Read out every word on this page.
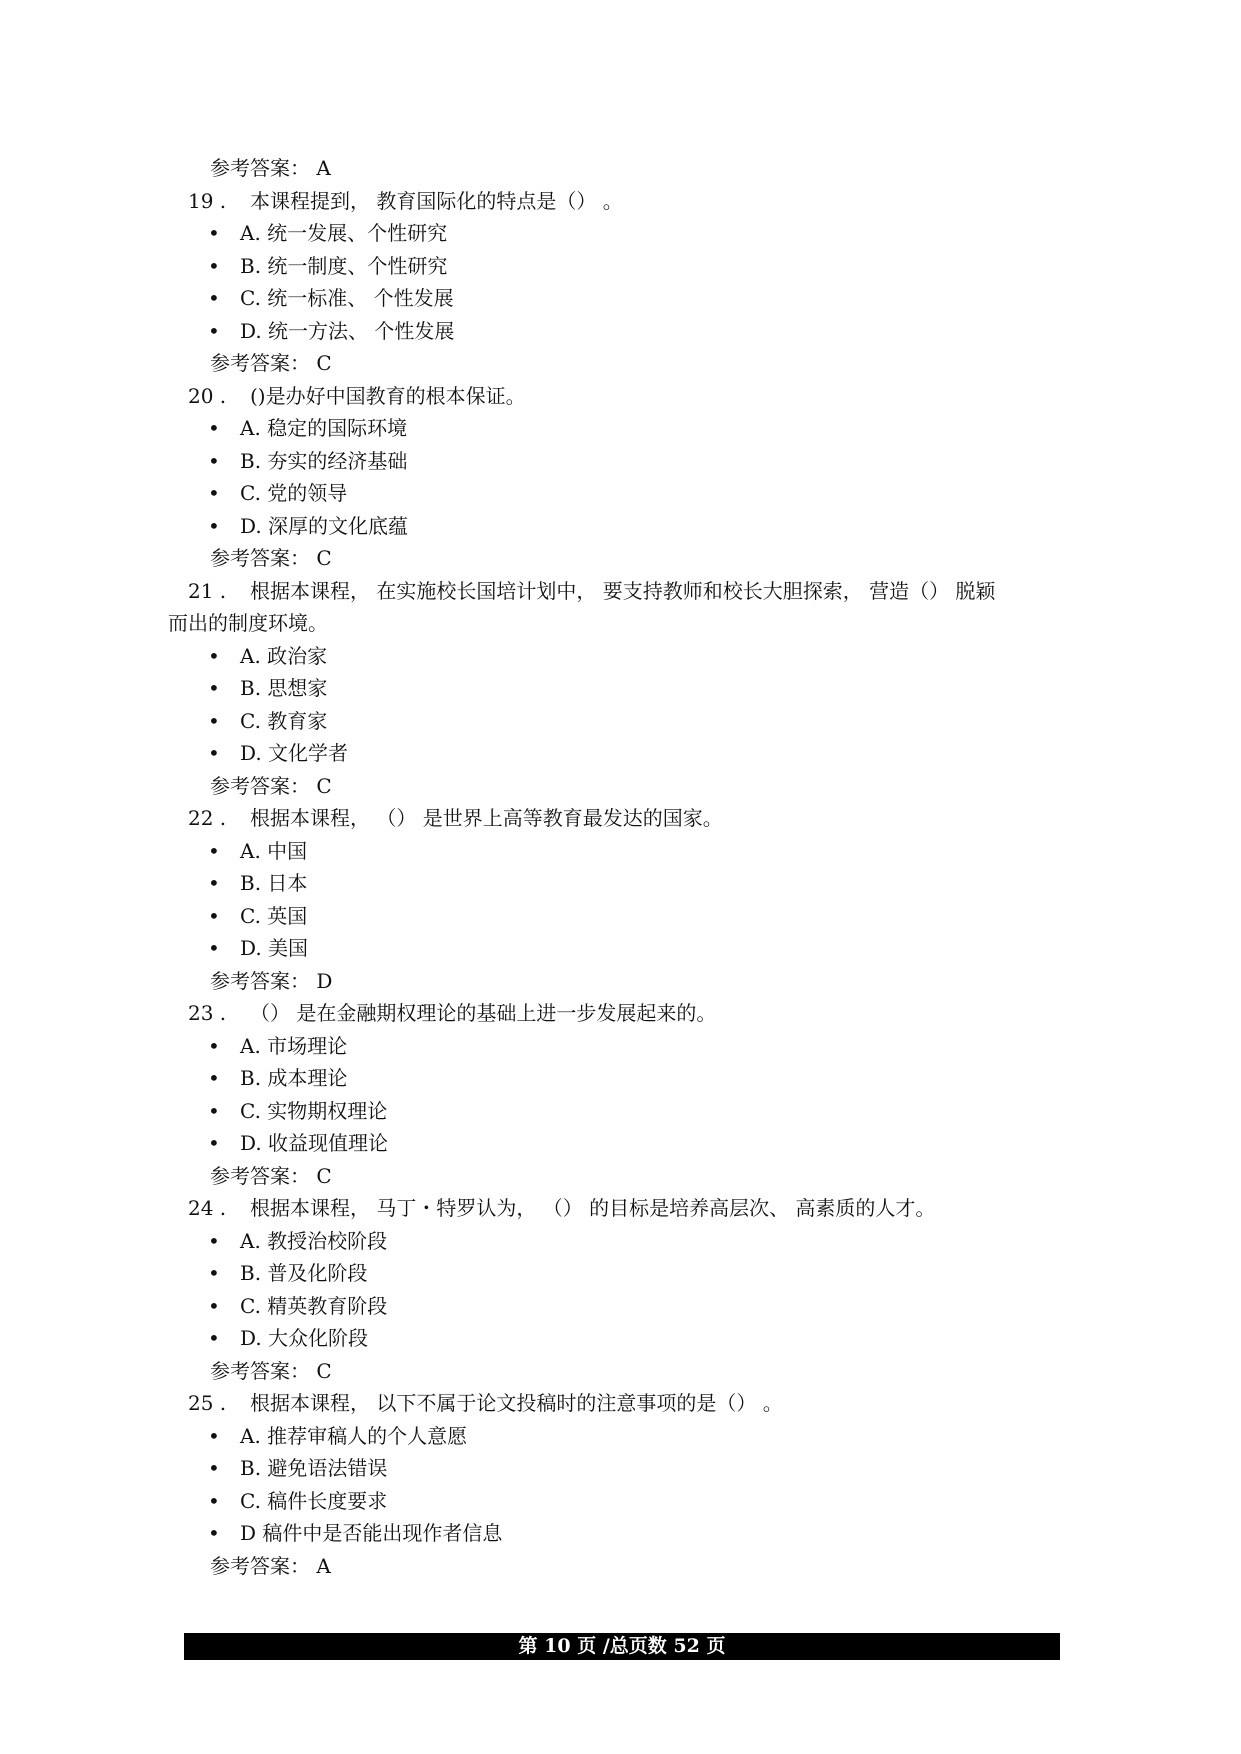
参考答案： A
19 . 本课程提到， 教育国际化的特点是（） 。
• A. 统一发展、个性研究
• B. 统一制度、个性研究
• C. 统一标准、 个性发展
• D. 统一方法、 个性发展
参考答案： C
20 . ()是办好中国教育的根本保证。
• A. 稳定的国际环境
• B. 夯实的经济基础
• C. 党的领导
• D. 深厚的文化底蕴
参考答案： C
21 . 根据本课程， 在实施校长国培计划中， 要支持教师和校长大胆探索， 营造（） 脱颖
而出的制度环境。
• A. 政治家
• B. 思想家
• C. 教育家
• D. 文化学者
参考答案： C
22 . 根据本课程， （） 是世界上高等教育最发达的国家。
• A. 中国
• B. 日本
• C. 英国
• D. 美国
参考答案： D
23 . （） 是在金融期权理论的基础上进一步发展起来的。
• A. 市场理论
• B. 成本理论
• C. 实物期权理论
• D. 收益现值理论
参考答案： C
24 . 根据本课程， 马丁・特罗认为， （） 的目标是培养高层次、 高素质的人才。
• A. 教授治校阶段
• B. 普及化阶段
• C. 精英教育阶段
• D. 大众化阶段
参考答案： C
25 . 根据本课程， 以下不属于论文投稿时的注意事项的是（） 。
• A. 推荐审稿人的个人意愿
• B. 避免语法错误
• C. 稿件长度要求
• D 稿件中是否能出现作者信息
参考答案： A
第 10 页 /总页数 52 页
